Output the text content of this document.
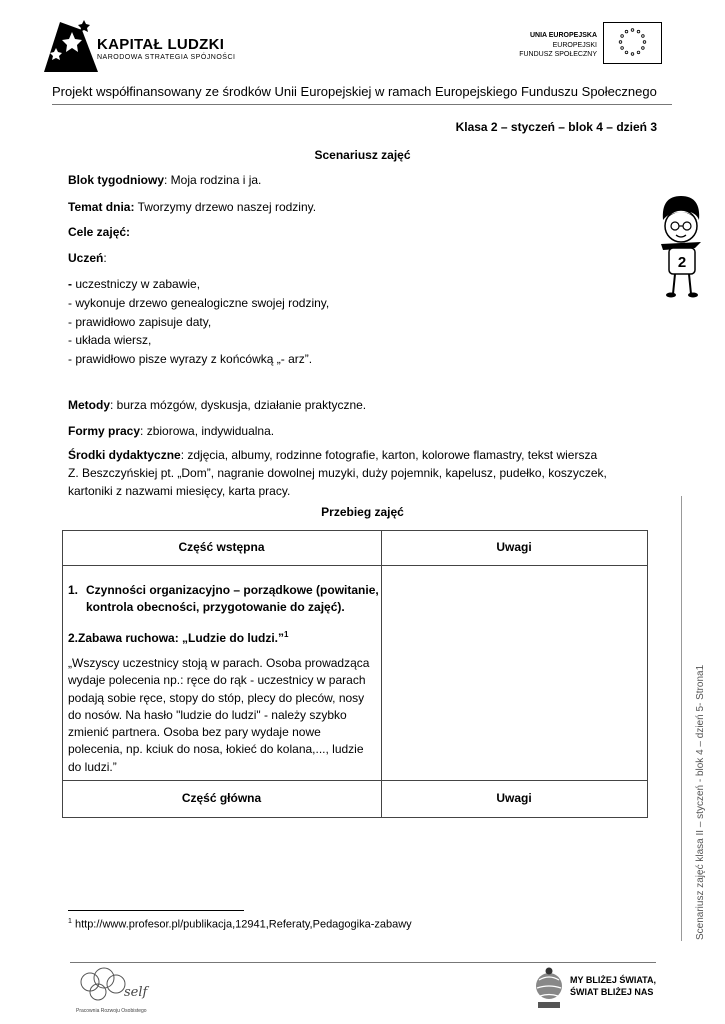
KAPITAŁ LUDZKI
NARODOWA STRATEGIA SPÓJNOŚCI
UNIA EUROPEJSKA
EUROPEJSKI
FUNDUSZ SPOŁECZNY
Projekt współfinansowany ze środków Unii Europejskiej w ramach Europejskiego Funduszu Społecznego
Klasa 2 – styczeń – blok 4 – dzień 3
Scenariusz zajęć
2
Blok tygodniowy: Moja rodzina i ja.
Temat dnia: Tworzymy drzewo naszej rodziny.
Cele zajęć:
Uczeń:
- uczestniczy w zabawie,
- wykonuje drzewo genealogiczne swojej rodziny,
- prawidłowo zapisuje daty,
- układa wiersz,
- prawidłowo pisze wyrazy z końcówką „- arz”.
Metody: burza mózgów, dyskusja, działanie praktyczne.
Formy pracy: zbiorowa, indywidualna.
Środki dydaktyczne: zdjęcia, albumy, rodzinne fotografie, karton, kolorowe flamastry, tekst wiersza
Z. Beszczyńskiej pt. „Dom”, nagranie dowolnej muzyki, duży pojemnik, kapelusz, pudełko, koszyczek,
kartoniki z nazwami miesięcy, karta pracy.
Przebieg zajęć
Część wstępna	Uwagi
1. Czynności organizacyjno – porządkowe (powitanie,
kontrola obecności, przygotowanie do zajęć).
2.Zabawa ruchowa: „Ludzie do ludzi.”$^1$
„Wszyscy uczestnicy stoją w parach. Osoba prowadząca
wydaje polecenia np.: ręce do rąk - uczestnicy w parach
podają sobie ręce, stopy do stóp, plecy do pleców, nosy
do nosów. Na hasło "ludzie do ludzi" - należy szybko
zmienić partnera. Osoba bez pary wydaje nowe
polecenia, np. kciuk do nosa, łokieć do kolana,..., ludzie
do ludzi.”
Część główna	Uwagi	Scenariusz zajęć klasa II – styczeń - blok 4 – dzień 5- Strona1
$^1$ http://www.profesor.pl/publikacja,12941,Referaty,Pedagogika-zabawy
self
Pracownia Rozwoju Osobistego
MY BLIŻEJ ŚWIATA,
ŚWIAT BLIŻEJ NAS
